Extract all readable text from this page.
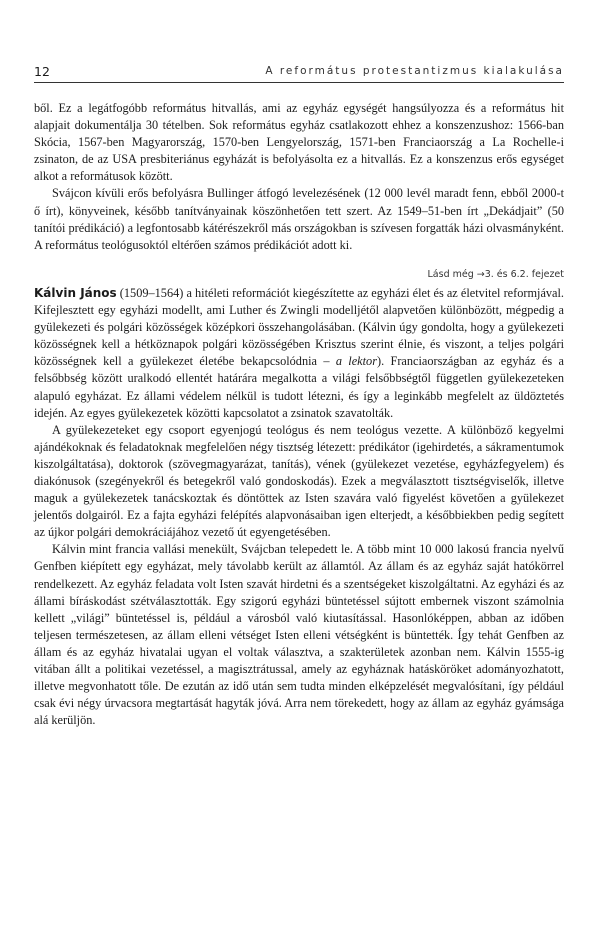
12	A református protestantizmus kialakulása

ből. Ez a legátfogóbb református hitvallás, ami az egyház egységét hangsúlyozza és a református hit alapjait dokumentálja 30 tételben. Sok református egyház csatlakozott ehhez a konszenzushoz: 1566-ban Skócia, 1567-ben Magyarország, 1570-ben Lengyelország, 1571-ben Franciaország a La Rochelle-i zsinaton, de az USA presbiteriánus egyházát is befolyásolta ez a hitvallás. Ez a konszenzus erős egységet alkot a reformátusok között.

Svájcon kívüli erős befolyásra Bullinger átfogó levelezésének (12 000 levél maradt fenn, ebből 2000-t ő írt), könyveinek, később tanítványainak köszönhetően tett szert. Az 1549–51-ben írt „Dekádjait” (50 tanítói prédikáció) a legfontosabb kátérészekről más országokban is szívesen forgatták házi olvasmányként. A református teológusoktól eltérően számos prédikációt adott ki.

Lásd még →3. és 6.2. fejezet

Kálvin János (1509–1564) a hitéleti reformációt kiegészítette az egyházi élet és az életvitel reformjával. Kifejlesztett egy egyházi modellt, ami Luther és Zwingli modelljétől alapvetően különbözött, mégpedig a gyülekezeti és polgári közösségek középkori összehangolásában. (Kálvin úgy gondolta, hogy a gyülekezeti közösségnek kell a hétköznapok polgári közösségében Krisztus szerint élnie, és viszont, a teljes polgári közösségnek kell a gyülekezet életébe bekapcsolódnia – a lektor). Franciaországban az egyház és a felsőbbség között uralkodó ellentét határára megalkotta a világi felsőbbségtől független gyülekezeteken alapuló egyházat. Ez állami védelem nélkül is tudott létezni, és így a leginkább megfelelt az üldöztetés idején. Az egyes gyülekezetek közötti kapcsolatot a zsinatok szavatolták.

A gyülekezeteket egy csoport egyenjogú teológus és nem teológus vezette. A különböző kegyelmi ajándékoknak és feladatoknak megfelelően négy tisztség létezett: prédikátor (igehirdetés, a sákramentumok kiszolgáltatása), doktorok (szövegmagyarázat, tanítás), vének (gyülekezet vezetése, egyházfegyelem) és diakónusok (szegényekről és betegekről való gondoskodás). Ezek a megválasztott tisztségviselők, illetve maguk a gyülekezetek tanácskoztak és döntöttek az Isten szavára való figyelést követően a gyülekezet jelentős dolgairól. Ez a fajta egyházi felépítés alapvonásaiban igen elterjedt, a későbbiekben pedig segített az újkor polgári demokráciájához vezető út egyengetésében.

Kálvin mint francia vallási menekült, Svájcban telepedett le. A több mint 10 000 lakosú francia nyelvű Genfben kiépített egy egyházat, mely távolabb került az államtól. Az állam és az egyház saját hatókörrel rendelkezett. Az egyház feladata volt Isten szavát hirdetni és a szentségeket kiszolgáltatni. Az egyházi és az állami bíráskodást szétválasztották. Egy szigorú egyházi büntetéssel sújtott embernek viszont számolnia kellett „világi” büntetéssel is, például a városból való kiutasítással. Hasonlóképpen, abban az időben teljesen természetesen, az állam elleni vétséget Isten elleni vétségként is büntették. Így tehát Genfben az állam és az egyház hivatalai ugyan el voltak választva, a szakterületek azonban nem. Kálvin 1555-ig vitában állt a politikai vezetéssel, a magisztrátussal, amely az egyháznak hatásköröket adományozhatott, illetve megvonhatott tőle. De ezután az idő után sem tudta minden elképzelését megvalósítani, így például csak évi négy úrvacsora megtartását hagyták jóvá. Arra nem törekedett, hogy az állam az egyház gyámsága alá kerüljön.
